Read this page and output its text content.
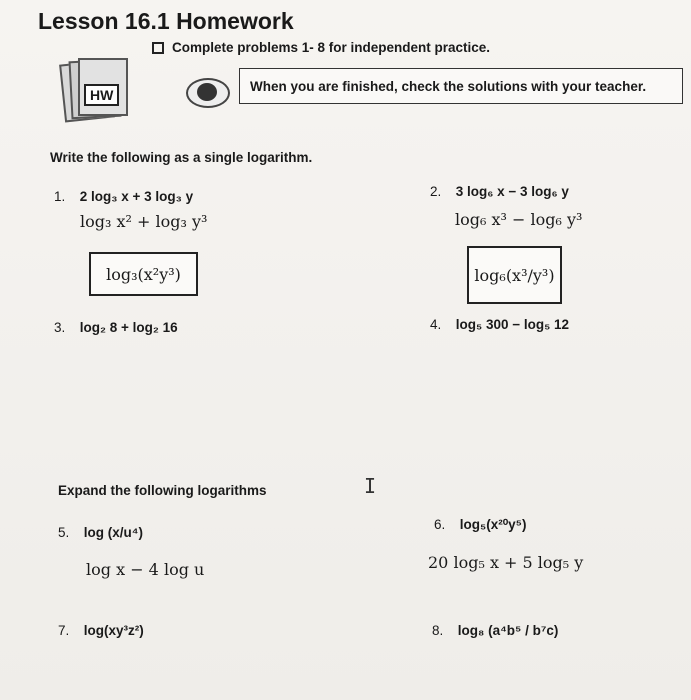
Lesson 16.1 Homework
Complete problems 1- 8 for independent practice.
HW
When you are finished, check the solutions with your teacher.
Write the following as a single logarithm.
1. 2 log₃ x + 3 log₃ y
log₃ x² + log₃ y³
log₃(x²y³)
2. 3 log₆ x − 3 log₆ y
log₆ x³ − log₆ y³
log₆(x³/y³)
3. log₂ 8 + log₂ 16	4. log₅ 300 − log₅ 12
I
Expand the following logarithms
5. log (x/u⁴)
log x − 4 log u
6. log₅(x²⁰y⁵)
20 log₅ x + 5 log₅ y
7. log(xy³z²)	8. log₈ (a⁴b⁵ / b⁷c)
